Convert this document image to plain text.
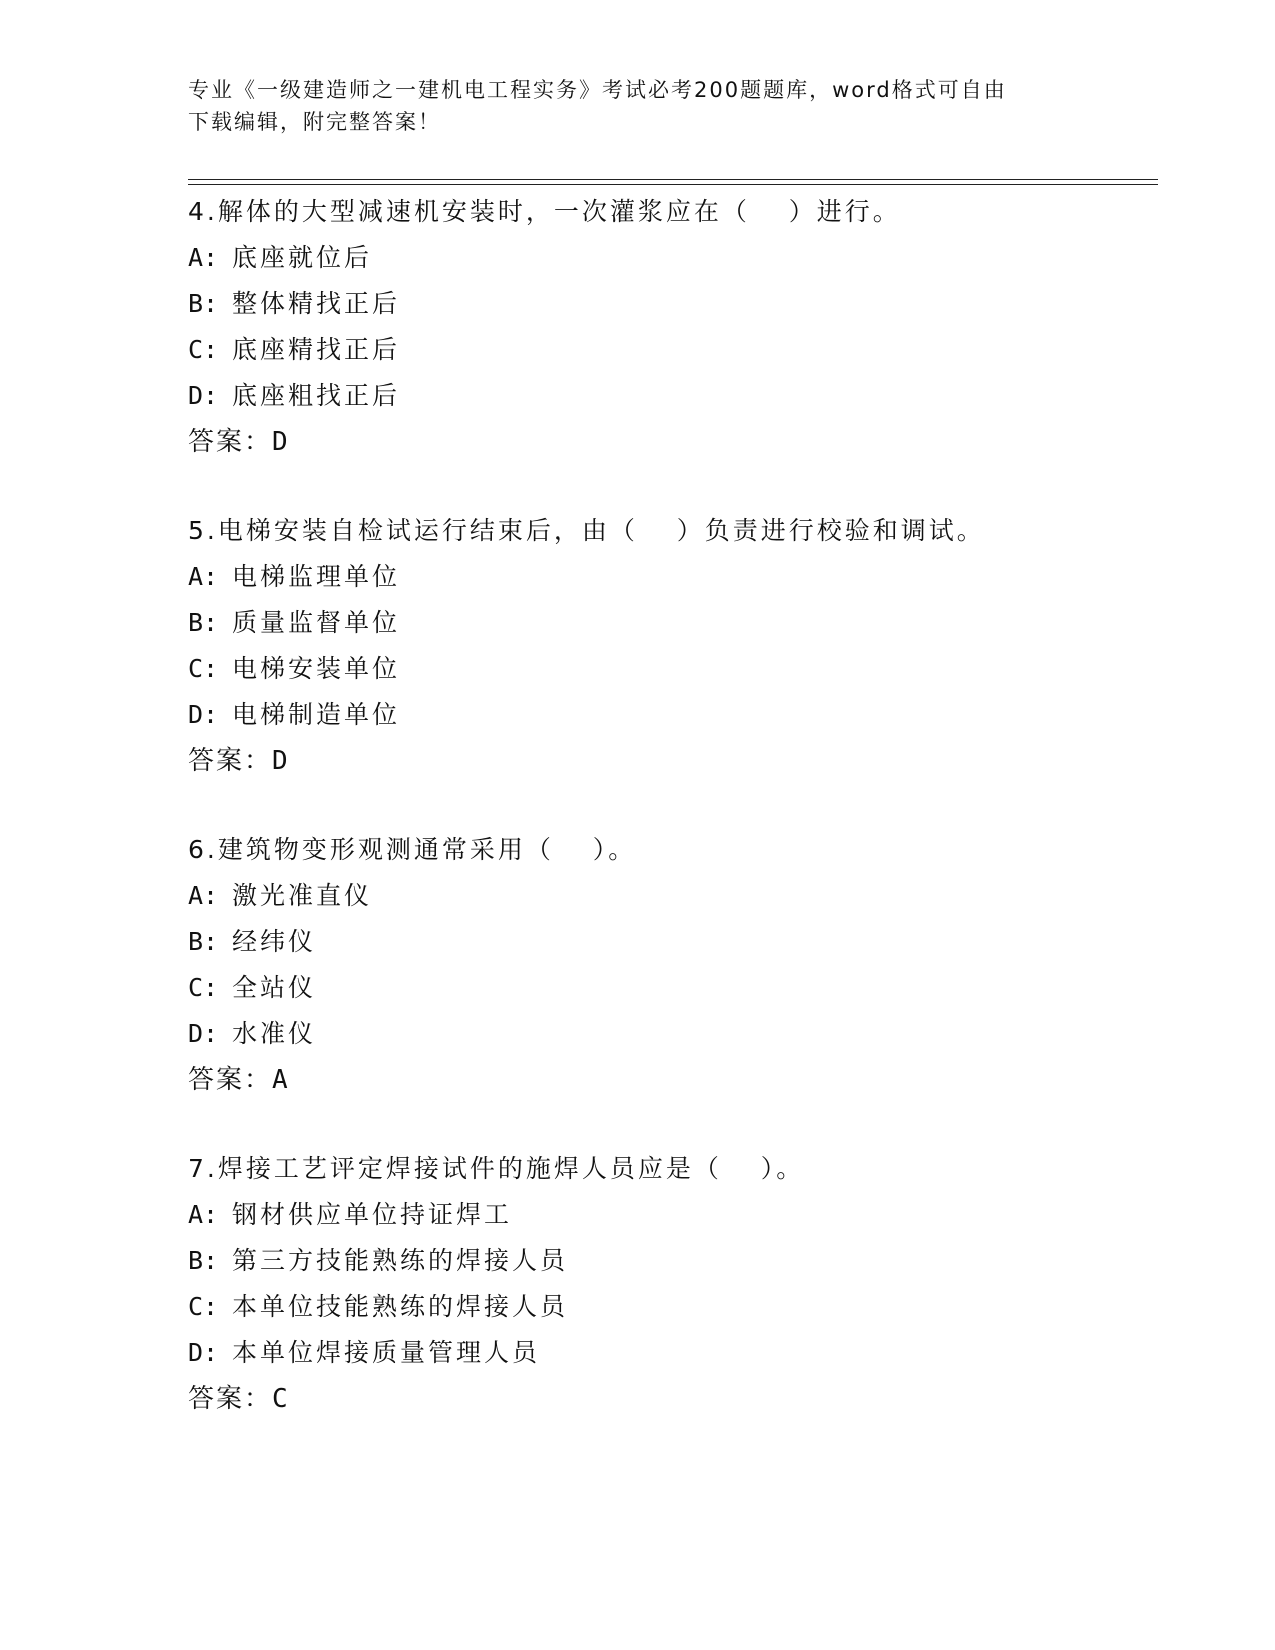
专业《一级建造师之一建机电工程实务》考试必考200题题库，word格式可自由
下载编辑，附完整答案！
4.解体的大型减速机安装时，一次灌浆应在（　 ）进行。
A: 底座就位后
B: 整体精找正后
C: 底座精找正后
D: 底座粗找正后
答案：D
5.电梯安装自检试运行结束后，由（　 ）负责进行校验和调试。
A: 电梯监理单位
B: 质量监督单位
C: 电梯安装单位
D: 电梯制造单位
答案：D
6.建筑物变形观测通常采用（　 ）。
A: 激光准直仪
B: 经纬仪
C: 全站仪
D: 水准仪
答案：A
7.焊接工艺评定焊接试件的施焊人员应是（　 ）。
A: 钢材供应单位持证焊工
B: 第三方技能熟练的焊接人员
C: 本单位技能熟练的焊接人员
D: 本单位焊接质量管理人员
答案：C
